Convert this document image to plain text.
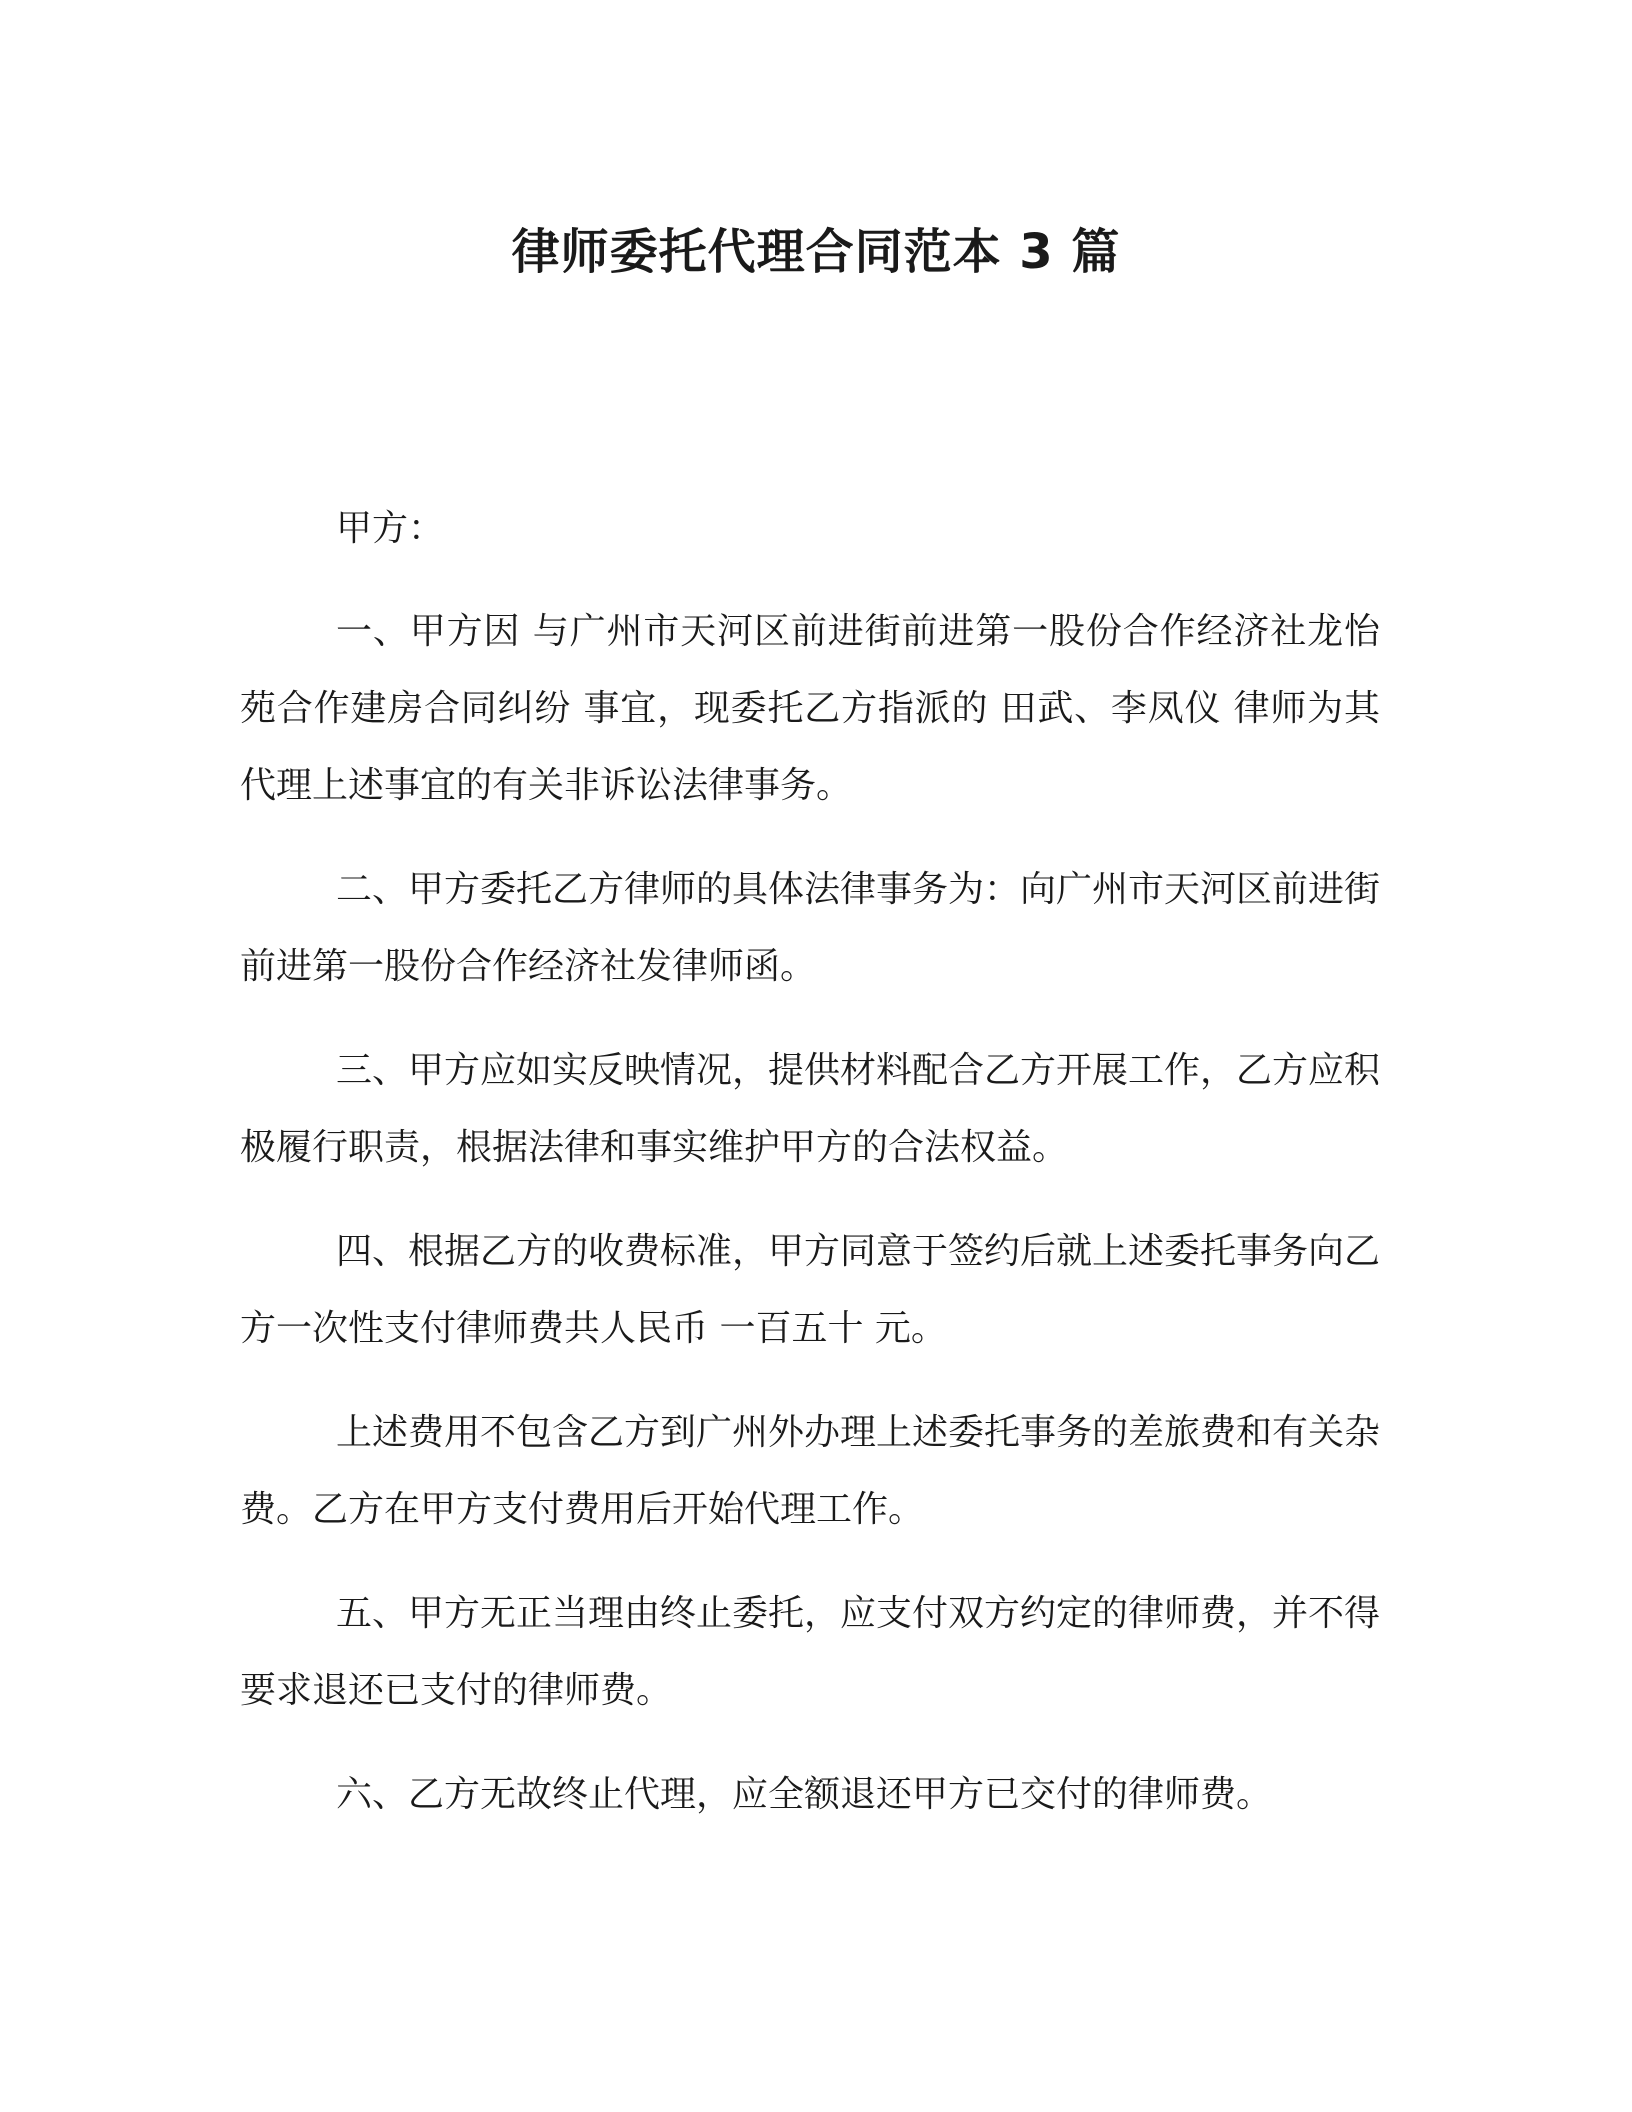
律师委托代理合同范本 3 篇

甲方：

一、甲方因 与广州市天河区前进街前进第一股份合作经济社龙怡苑合作建房合同纠纷 事宜，现委托乙方指派的 田武、李凤仪 律师为其代理上述事宜的有关非诉讼法律事务。

二、甲方委托乙方律师的具体法律事务为：向广州市天河区前进街前进第一股份合作经济社发律师函。

三、甲方应如实反映情况，提供材料配合乙方开展工作，乙方应积极履行职责，根据法律和事实维护甲方的合法权益。

四、根据乙方的收费标准，甲方同意于签约后就上述委托事务向乙方一次性支付律师费共人民币 一百五十 元。

上述费用不包含乙方到广州外办理上述委托事务的差旅费和有关杂费。乙方在甲方支付费用后开始代理工作。

五、甲方无正当理由终止委托，应支付双方约定的律师费，并不得要求退还已支付的律师费。

六、乙方无故终止代理，应全额退还甲方已交付的律师费。
